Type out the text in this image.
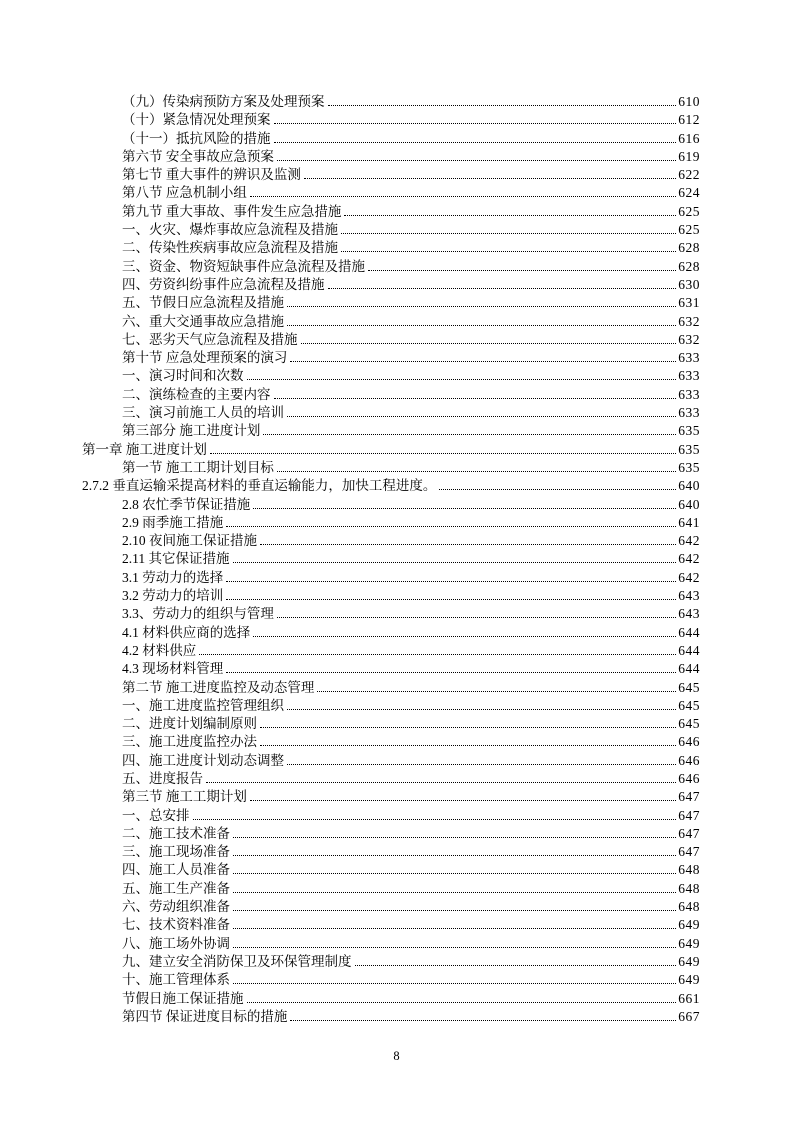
（九）传染病预防方案及处理预案	610
（十）紧急情况处理预案	612
（十一）抵抗风险的措施	616
第六节 安全事故应急预案	619
第七节 重大事件的辨识及监测	622
第八节 应急机制小组	624
第九节 重大事故、事件发生应急措施	625
一、火灾、爆炸事故应急流程及措施	625
二、传染性疾病事故应急流程及措施	628
三、资金、物资短缺事件应急流程及措施	628
四、劳资纠纷事件应急流程及措施	630
五、节假日应急流程及措施	631
六、重大交通事故应急措施	632
七、恶劣天气应急流程及措施	632
第十节 应急处理预案的演习	633
一、演习时间和次数	633
二、演练检查的主要内容	633
三、演习前施工人员的培训	633
第三部分 施工进度计划	635
第一章 施工进度计划	635
第一节 施工工期计划目标	635
2.7.2 垂直运输采提高材料的垂直运输能力，加快工程进度。	640
2.8 农忙季节保证措施	640
2.9 雨季施工措施	641
2.10 夜间施工保证措施	642
2.11 其它保证措施	642
3.1 劳动力的选择	642
3.2 劳动力的培训	643
3.3、劳动力的组织与管理	643
4.1 材料供应商的选择	644
4.2 材料供应	644
4.3 现场材料管理	644
第二节 施工进度监控及动态管理	645
一、施工进度监控管理组织	645
二、进度计划编制原则	645
三、施工进度监控办法	646
四、施工进度计划动态调整	646
五、进度报告	646
第三节 施工工期计划	647
一、总安排	647
二、施工技术准备	647
三、施工现场准备	647
四、施工人员准备	648
五、施工生产准备	648
六、劳动组织准备	648
七、技术资料准备	649
八、施工场外协调	649
九、建立安全消防保卫及环保管理制度	649
十、施工管理体系	649
节假日施工保证措施	661
第四节 保证进度目标的措施	667
8
